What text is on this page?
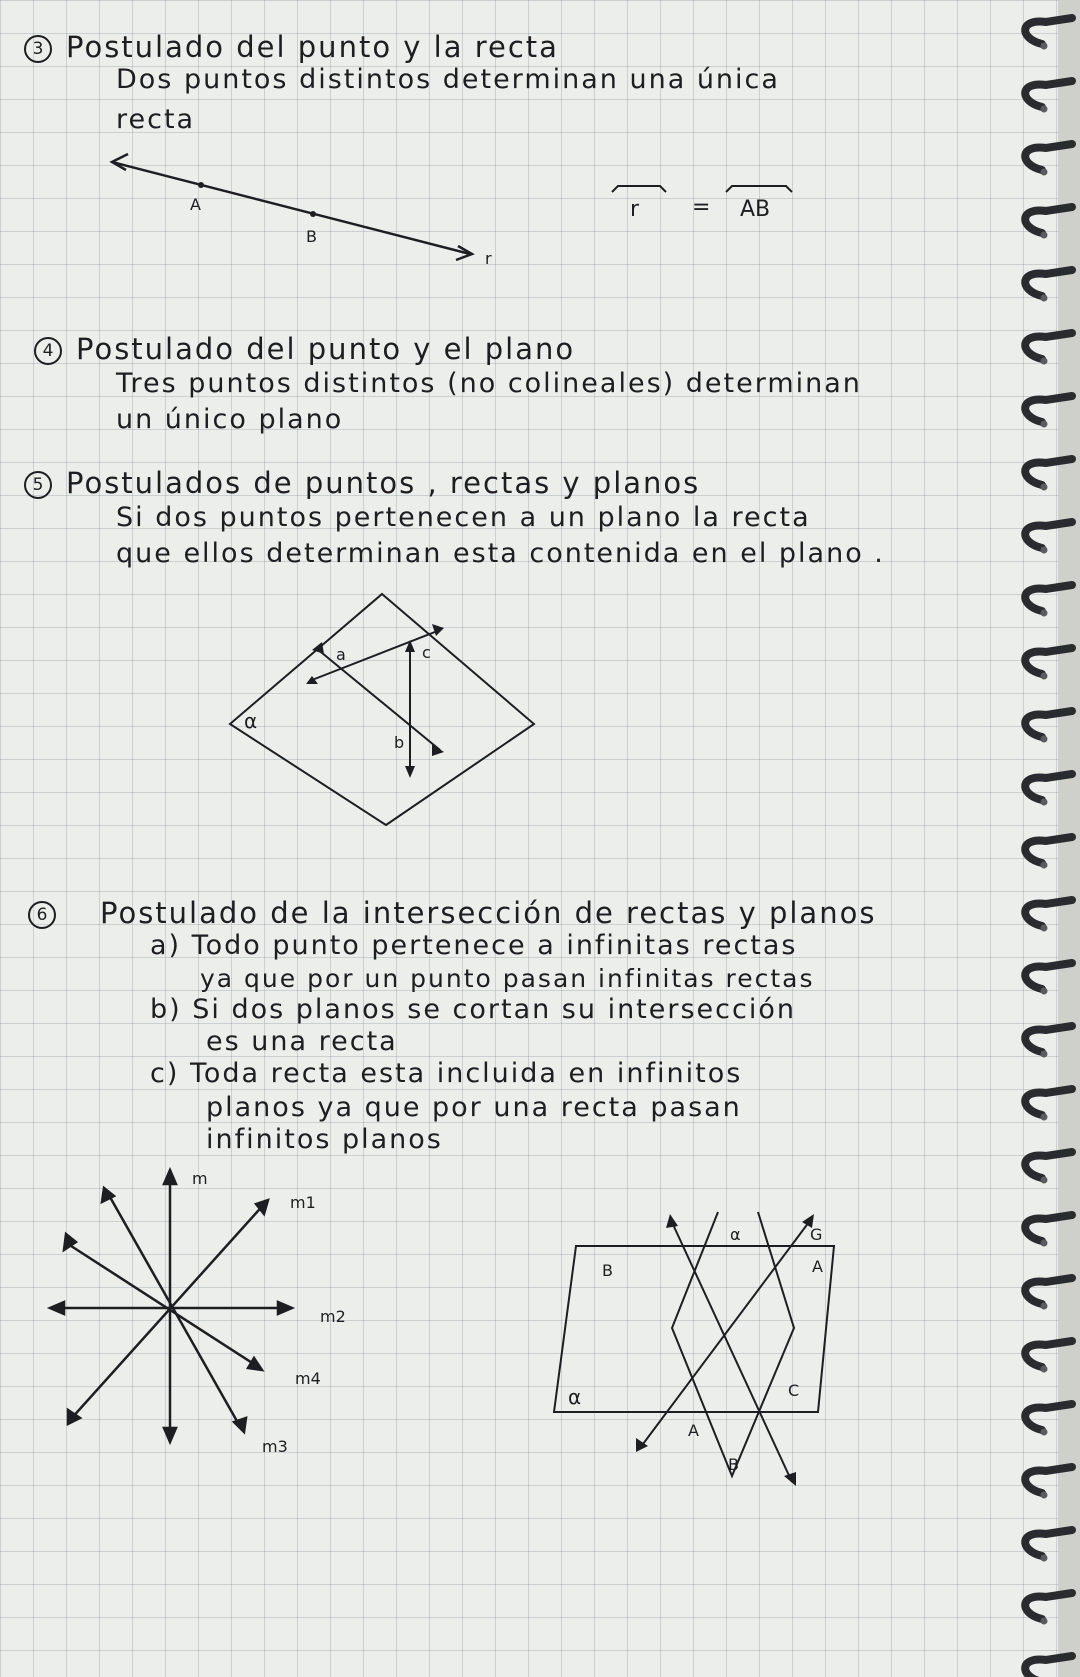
3 Postulado del punto y la recta
Dos puntos distintos determinan una única
recta
A
B
r
r = AB
4 Postulado del punto y el plano
Tres puntos distintos (no colineales) determinan
un único plano
5 Postulados de puntos , rectas y planos
Si dos puntos pertenecen a un plano la recta
que ellos determinan esta contenida en el plano .
α
a
b
c
6 Postulado de la intersección de rectas y planos
a) Todo punto pertenece a infinitas rectas
ya que por un punto pasan infinitas rectas
b) Si dos planos se cortan su intersección
es una recta
c) Toda recta esta incluida en infinitos
planos ya que por una recta pasan
infinitos planos
m
m1
m2
m4
m3
B
α	G
A
C
α
A
B
